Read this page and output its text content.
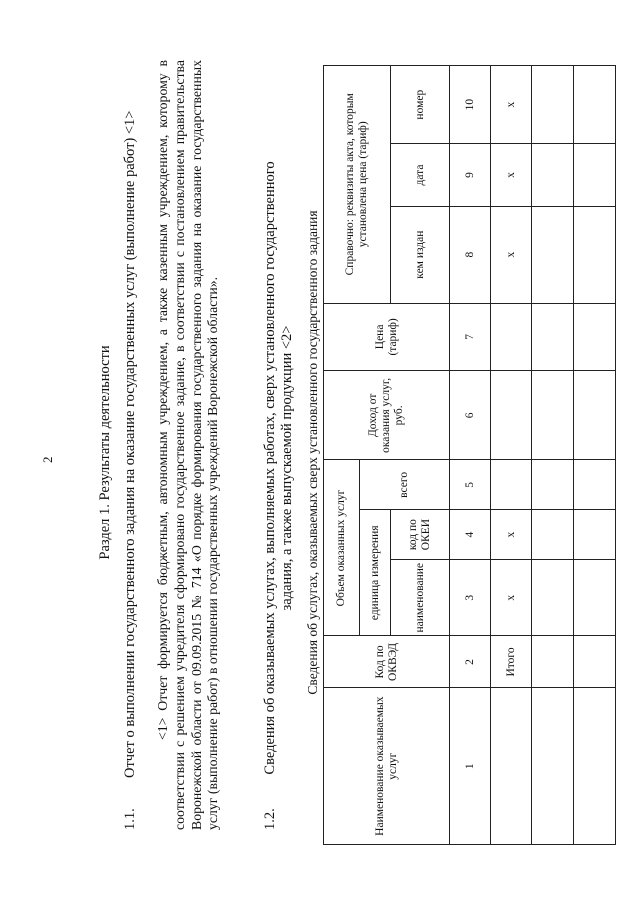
2	Раздел 1. Результаты деятельности
1.1.Отчет о выполнении государственного задания на оказание государственных услуг (выполнение работ) <1> <1> Отчет формируется бюджетным, автономным учреждением, а также казенным учреждением, которому в соответствии с решением учредителя сформировано государственное задание, в соответствии с постановлением правительства Воронежской области от 09.09.2015 № 714 «О порядке формирования государственного задания на оказание государственных услуг (выполнение работ) в отношении государственных учреждений Воронежской области».	1.2.
Сведения об оказываемых услугах, выполняемых работах, сверх установленного государственного задания, а также выпускаемой продукции <2> Сведения об услугах, оказываемых сверх установленного государственного задания
Наименование оказываемых услуг	Код по ОКВЭД	Объем оказанных услуг			Доход от оказания услуг, руб.	Цена (тариф)	Справочно: реквизиты акта, которым установлена цена (тариф)		
		единица измерения		всего					
		наименование	код по ОКЕИ				кем издан	дата	номер
1	2	3	4	5	6	7	8	9	10
	Итого	х	х				х	х	х
